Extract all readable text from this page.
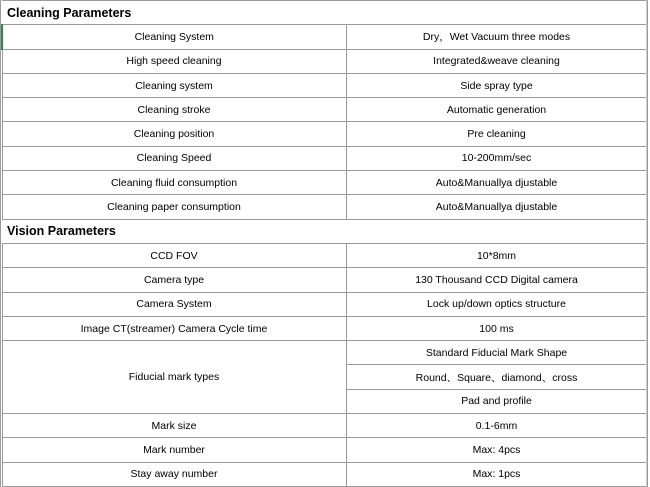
Cleaning Parameters	
Cleaning System	Dry，Wet Vacuum three modes
High speed cleaning	Integrated&weave cleaning
Cleaning system	Side spray type
Cleaning stroke	Automatic generation
Cleaning position	Pre cleaning
Cleaning Speed	10-200mm/sec
Cleaning fluid consumption	Auto&Manuallya djustable
Cleaning paper consumption	Auto&Manuallya djustable
Vision Parameters	
CCD FOV	10*8mm
Camera type	130 Thousand CCD Digital camera
Camera System	Lock up/down optics structure
Image CT(streamer) Camera Cycle time	100 ms
Fiducial mark types	Standard Fiducial Mark Shape
	Round、Square、diamond、cross
	Pad and profile
Mark size	0.1-6mm
Mark number	Max: 4pcs
Stay away number	Max: 1pcs
